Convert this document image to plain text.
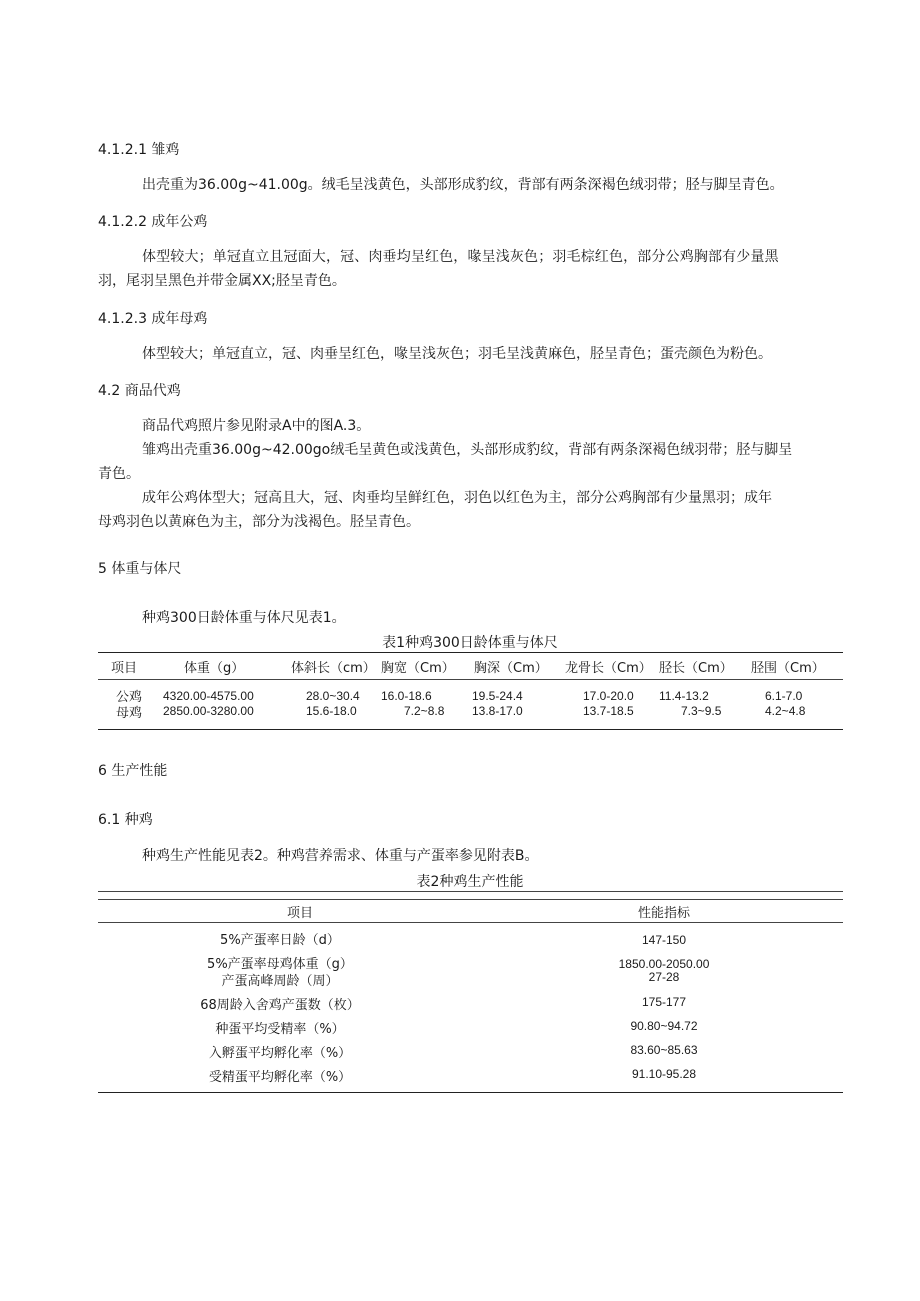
4.1.2.1 雏鸡
出壳重为36.00g~41.00g。绒毛呈浅黄色，头部形成豹纹，背部有两条深褐色绒羽带；胫与脚呈青色。
4.1.2.2 成年公鸡
体型较大；单冠直立且冠面大，冠、肉垂均呈红色，喙呈浅灰色；羽毛棕红色，部分公鸡胸部有少量黑
羽，尾羽呈黑色并带金属XX;胫呈青色。
4.1.2.3 成年母鸡
体型较大；单冠直立，冠、肉垂呈红色，喙呈浅灰色；羽毛呈浅黄麻色，胫呈青色；蛋壳颜色为粉色。
4.2 商品代鸡
商品代鸡照片参见附录A中的图A.3。
雏鸡出壳重36.00g~42.00go绒毛呈黄色或浅黄色，头部形成豹纹，背部有两条深褐色绒羽带；胫与脚呈
青色。
成年公鸡体型大；冠高且大，冠、肉垂均呈鲜红色，羽色以红色为主，部分公鸡胸部有少量黑羽；成年
母鸡羽色以黄麻色为主，部分为浅褐色。胫呈青色。
5 体重与体尺
种鸡300日龄体重与体尺见表1。
表1种鸡300日龄体重与体尺
项目	体重（g）	体斜长（cm） 胸宽（Cm） 胸深（Cm） 龙骨长（Cm） 胫长（Cm） 胫围（Cm）
公鸡 4320.00-4575.00	28.0~30.4 16.0-18.6	19.5-24.4	17.0-20.0 11.4-13.2	6.1-7.0
母鸡 2850.00-3280.00	15.6-18.0	7.2~8.8 13.8-17.0	13.7-18.5	7.3~9.5	4.2~4.8
6 生产性能
6.1 种鸡
种鸡生产性能见表2。种鸡营养需求、体重与产蛋率参见附表B。
表2种鸡生产性能
项目	性能指标
5%产蛋率日龄（d）	147-150
5%产蛋率母鸡体重（g）	1850.00-2050.00
产蛋高峰周龄（周）	27-28
68周龄入舍鸡产蛋数（枚）	175-177
种蛋平均受精率（%）	90.80~94.72
入孵蛋平均孵化率（%）	83.60~85.63
受精蛋平均孵化率（%）	91.10-95.28
